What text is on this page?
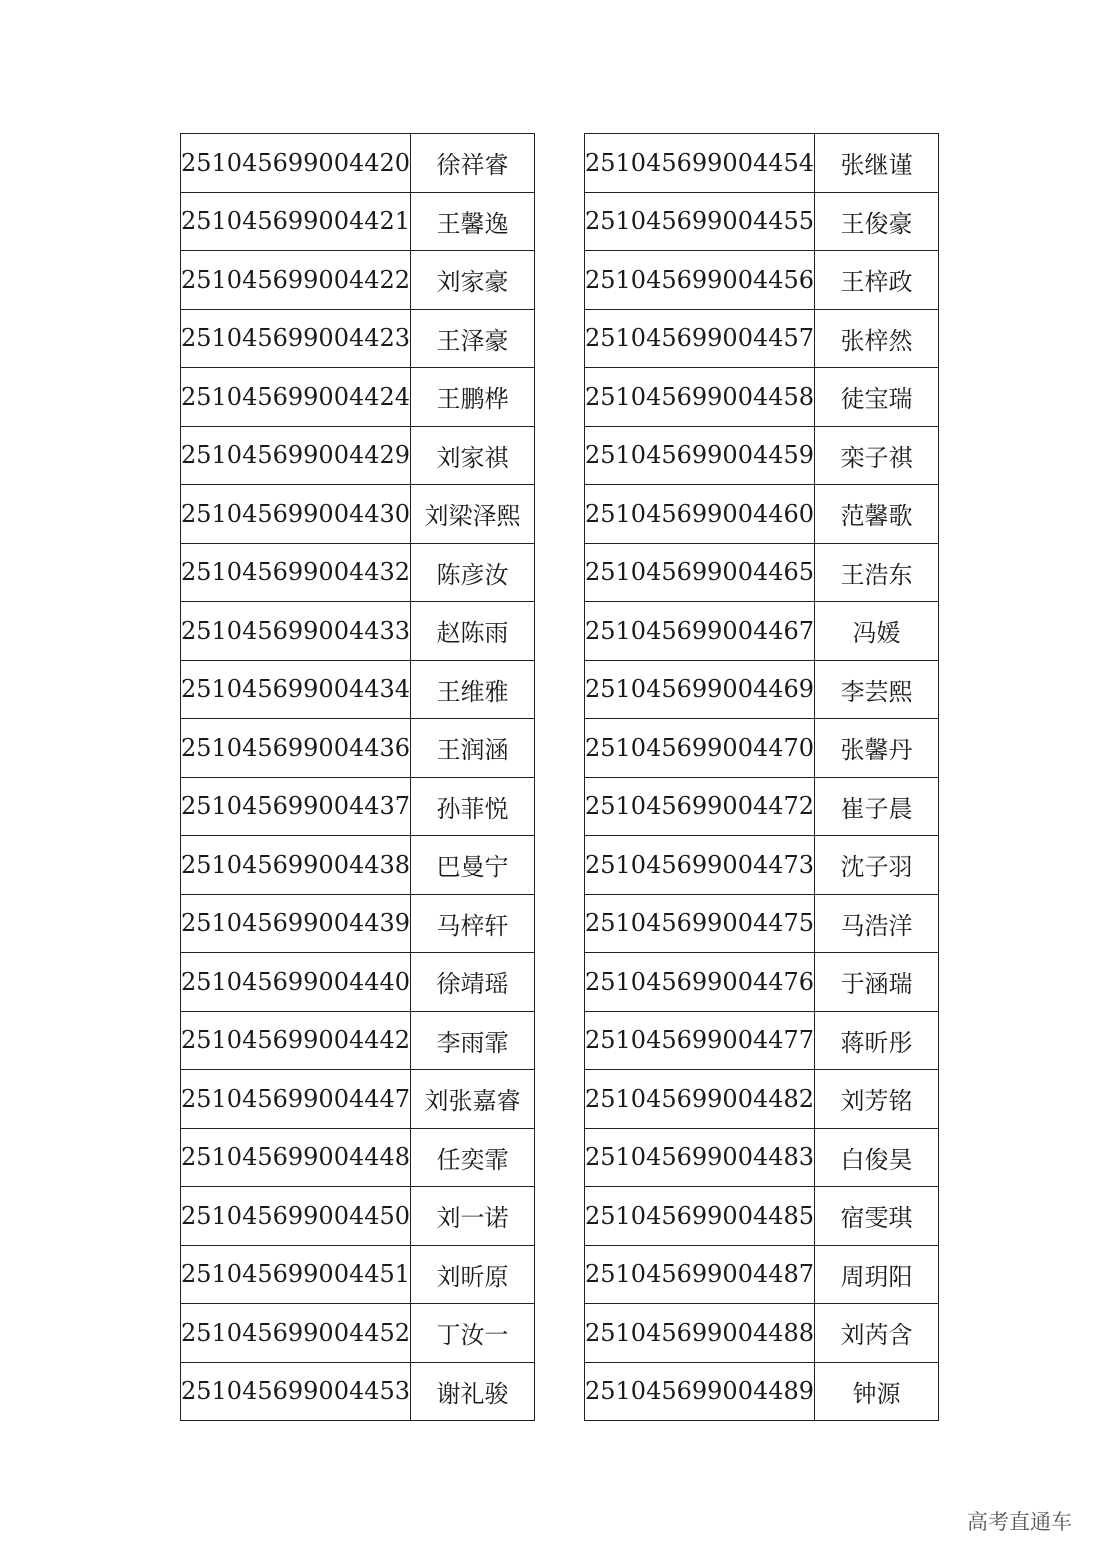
251045699004420	徐祥睿
251045699004421	王馨逸
251045699004422	刘家豪
251045699004423	王泽豪
251045699004424	王鹏桦
251045699004429	刘家祺
251045699004430	刘梁泽熙
251045699004432	陈彦汝
251045699004433	赵陈雨
251045699004434	王维雅
251045699004436	王润涵
251045699004437	孙菲悦
251045699004438	巴曼宁
251045699004439	马梓轩
251045699004440	徐靖瑶
251045699004442	李雨霏
251045699004447	刘张嘉睿
251045699004448	任奕霏
251045699004450	刘一诺
251045699004451	刘昕原
251045699004452	丁汝一
251045699004453	谢礼骏
251045699004454	张继谨
251045699004455	王俊豪
251045699004456	王梓政
251045699004457	张梓然
251045699004458	徒宝瑞
251045699004459	栾子祺
251045699004460	范馨歌
251045699004465	王浩东
251045699004467	冯媛
251045699004469	李芸熙
251045699004470	张馨丹
251045699004472	崔子晨
251045699004473	沈子羽
251045699004475	马浩洋
251045699004476	于涵瑞
251045699004477	蒋昕彤
251045699004482	刘芳铭
251045699004483	白俊昊
251045699004485	宿雯琪
251045699004487	周玥阳
251045699004488	刘芮含
251045699004489	钟源
高考直通车
